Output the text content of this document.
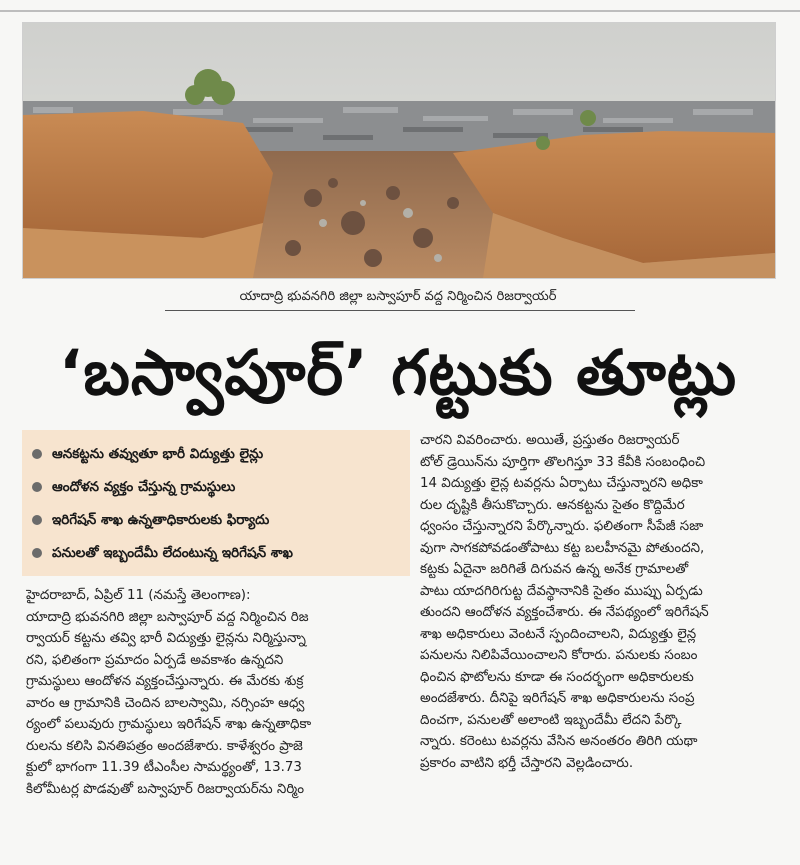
యాదాద్రి భువనగిరి జిల్లా బస్వాపూర్ వద్ద నిర్మించిన రిజర్వాయర్
‘బస్వాపూర్’ గట్టుకు తూట్లు
ఆనకట్టను తవ్వుతూ భారీ విద్యుత్తు లైన్లు
ఆందోళన వ్యక్తం చేస్తున్న గ్రామస్థులు
ఇరిగేషన్ శాఖ ఉన్నతాధికారులకు ఫిర్యాదు
పనులతో ఇబ్బందేమీ లేదంటున్న ఇరిగేషన్ శాఖ
హైదరాబాద్, ఏప్రిల్ 11 (నమస్తే తెలంగాణ):
యాదాద్రి భువనగిరి జిల్లా బస్వాపూర్ వద్ద నిర్మించిన రిజ
ర్వాయర్ కట్టను తవ్వి భారీ విద్యుత్తు లైన్లను నిర్మిస్తున్నా
రని, ఫలితంగా ప్రమాదం ఏర్పడే అవకాశం ఉన్నదని
గ్రామస్థులు ఆందోళన వ్యక్తంచేస్తున్నారు. ఈ మేరకు శుక్ర
వారం ఆ గ్రామానికి చెందిన బాలస్వామి, నర్సింహ ఆధ్వ
ర్యంలో పలువురు గ్రామస్థులు ఇరిగేషన్ శాఖ ఉన్నతాధికా
రులను కలిసి వినతిపత్రం అందజేశారు. కాళేశ్వరం ప్రాజె
క్టులో భాగంగా 11.39 టీఎంసీల సామర్థ్యంతో, 13.73
కిలోమీటర్ల పొడవుతో బస్వాపూర్ రిజర్వాయర్‌ను నిర్మిం
చారని వివరించారు. అయితే, ప్రస్తుతం రిజర్వాయర్
టోల్ డ్రెయిన్‌ను పూర్తిగా తొలగిస్తూ 33 కేవీకి సంబంధించి
14 విద్యుత్తు లైన్ల టవర్లను ఏర్పాటు చేస్తున్నారని అధికా
రుల దృష్టికి తీసుకొచ్చారు. ఆనకట్టను సైతం కొద్దిమేర
ధ్వంసం చేస్తున్నారని పేర్కొన్నారు. ఫలితంగా సీపేజీ సజా
వుగా సాగకపోవడంతోపాటు కట్ట బలహీనమై పోతుందని,
కట్టకు ఏదైనా జరిగితే దిగువన ఉన్న అనేక గ్రామాలతో
పాటు యాదగిరిగుట్ట దేవస్థానానికి సైతం ముప్పు ఏర్పడు
తుందని ఆందోళన వ్యక్తంచేశారు. ఈ నేపథ్యంలో ఇరిగేషన్
శాఖ అధికారులు వెంటనే స్పందించాలని, విద్యుత్తు లైన్ల
పనులను నిలిపివేయించాలని కోరారు. పనులకు సంబం
ధించిన ఫొటోలను కూడా ఈ సందర్భంగా అధికారులకు
అందజేశారు. దీనిపై ఇరిగేషన్ శాఖ అధికారులను సంప్ర
దించగా, పనులతో అలాంటి ఇబ్బందేమీ లేదని పేర్కొ
న్నారు. కరెంటు టవర్లను వేసిన అనంతరం తిరిగి యథా
ప్రకారం వాటిని భర్తీ చేస్తారని వెల్లడించారు.
